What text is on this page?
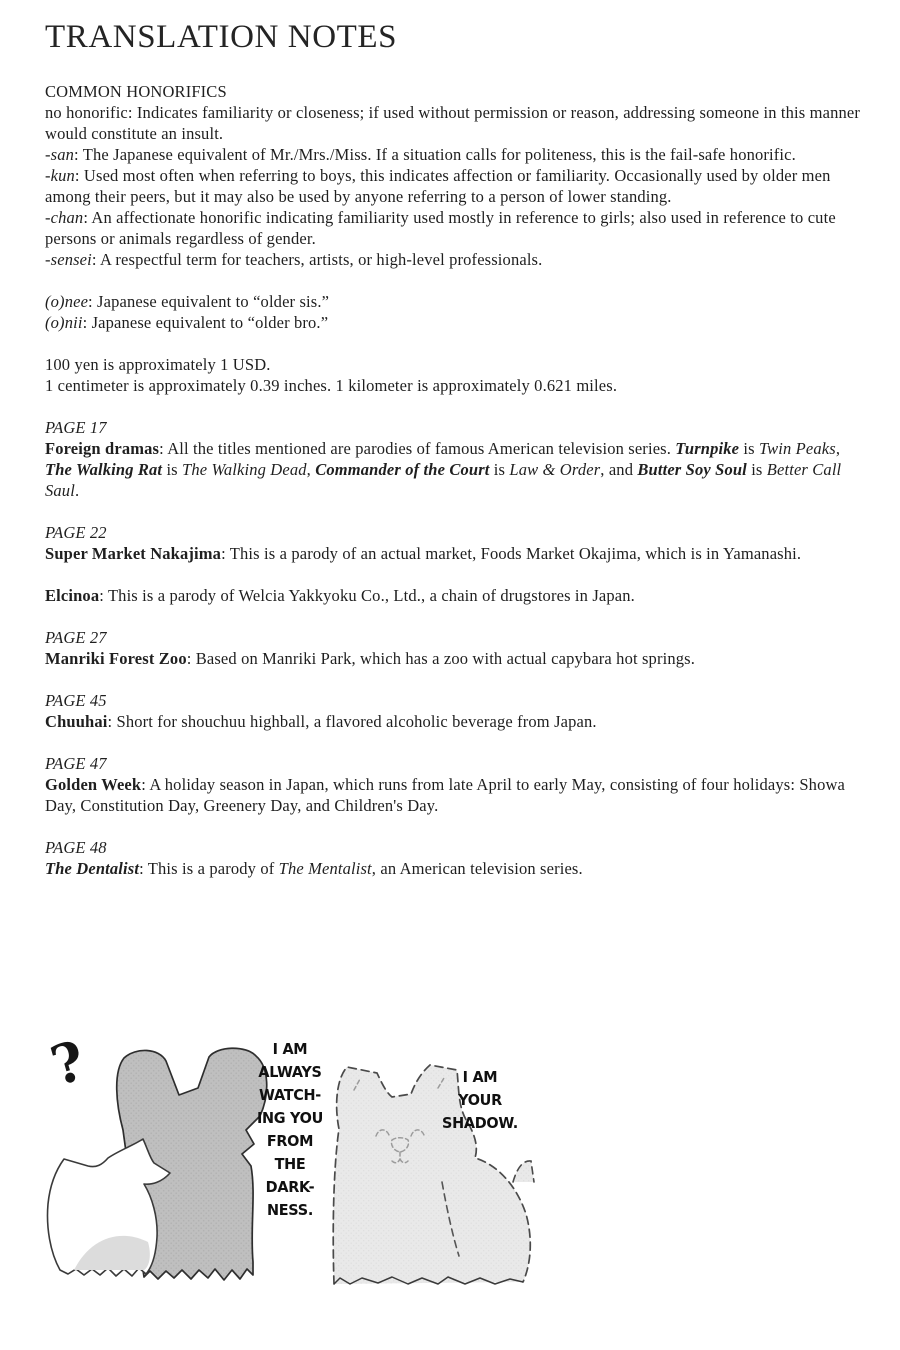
TRANSLATION NOTES

COMMON HONORIFICS
no honorific: Indicates familiarity or closeness; if used without permission or reason, addressing someone in this manner would constitute an insult.
-san: The Japanese equivalent of Mr./Mrs./Miss. If a situation calls for politeness, this is the fail-safe honorific.
-kun: Used most often when referring to boys, this indicates affection or familiarity. Occasionally used by older men among their peers, but it may also be used by anyone referring to a person of lower standing.
-chan: An affectionate honorific indicating familiarity used mostly in reference to girls; also used in reference to cute persons or animals regardless of gender.
-sensei: A respectful term for teachers, artists, or high-level professionals.

(o)nee: Japanese equivalent to “older sis.”
(o)nii: Japanese equivalent to “older bro.”

100 yen is approximately 1 USD.
1 centimeter is approximately 0.39 inches. 1 kilometer is approximately 0.621 miles.

PAGE 17
Foreign dramas: All the titles mentioned are parodies of famous American television series. Turnpike is Twin Peaks, The Walking Rat is The Walking Dead, Commander of the Court is Law & Order, and Butter Soy Soul is Better Call Saul.

PAGE 22
Super Market Nakajima: This is a parody of an actual market, Foods Market Okajima, which is in Yamanashi.

Elcinoa: This is a parody of Welcia Yakkyoku Co., Ltd., a chain of drugstores in Japan.

PAGE 27
Manriki Forest Zoo: Based on Manriki Park, which has a zoo with actual capybara hot springs.

PAGE 45
Chuuhai: Short for shouchuu highball, a flavored alcoholic beverage from Japan.

PAGE 47
Golden Week: A holiday season in Japan, which runs from late April to early May, consisting of four holidays: Showa Day, Constitution Day, Greenery Day, and Children's Day.

PAGE 48
The Dentalist: This is a parody of The Mentalist, an American television series.

?	I AM
ALWAYS
WATCH-
ING YOU
FROM
THE
DARK-
NESS.
I AM
YOUR
SHADOW.
